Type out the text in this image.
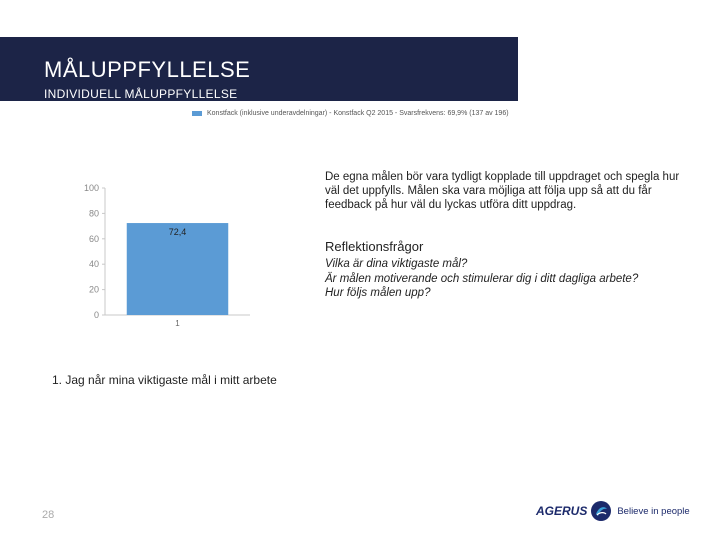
MÅLUPPFYLLELSE
INDIVIDUELL MÅLUPPFYLLELSE
Konstfack (inklusive underavdelningar) - Konstfack Q2 2015 - Svarsfrekvens: 69,9% (137 av 196)
0
20
40
60
80
100
72,4
1
1. Jag når mina viktigaste mål i mitt arbete
De egna målen bör vara tydligt kopplade till uppdraget och spegla hur väl det uppfylls. Målen ska vara möjliga att följa upp så att du får feedback på hur väl du lyckas utföra ditt uppdrag.
Reflektionsfrågor
Vilka är dina viktigaste mål?
Är målen motiverande och stimulerar dig i ditt dagliga arbete?
Hur följs målen upp?
28	AGERUS	Believe in people
